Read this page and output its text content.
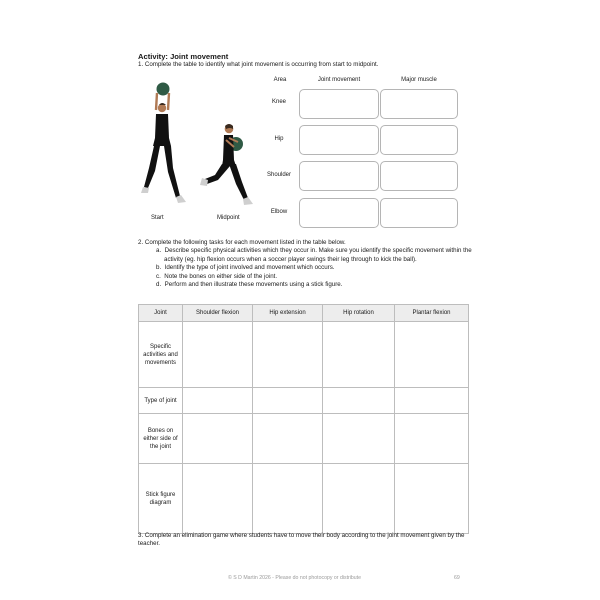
Activity: Joint movement
1. Complete the table to identify what joint movement is occurring from start to midpoint.
Area	Joint movement	Major muscle
Knee
Hip
Shoulder
Elbow
Start	Midpoint
2. Complete the following tasks for each movement listed in the table below.
a. Describe specific physical activities which they occur in. Make sure you identify the specific movement within the activity (eg. hip flexion occurs when a soccer player swings their leg through to kick the ball).
b. Identify the type of joint involved and movement which occurs.
c. Note the bones on either side of the joint.
d. Perform and then illustrate these movements using a stick figure.
Joint	Shoulder flexion	Hip extension	Hip rotation	Plantar flexion
Specific activities and movements				
Type of joint				
Bones on either side of the joint				
Stick figure diagram				
3. Complete an elimination game where students have to move their body according to the joint movement given by the teacher.
© S D Martin 2026 - Please do not photocopy or distribute	69
